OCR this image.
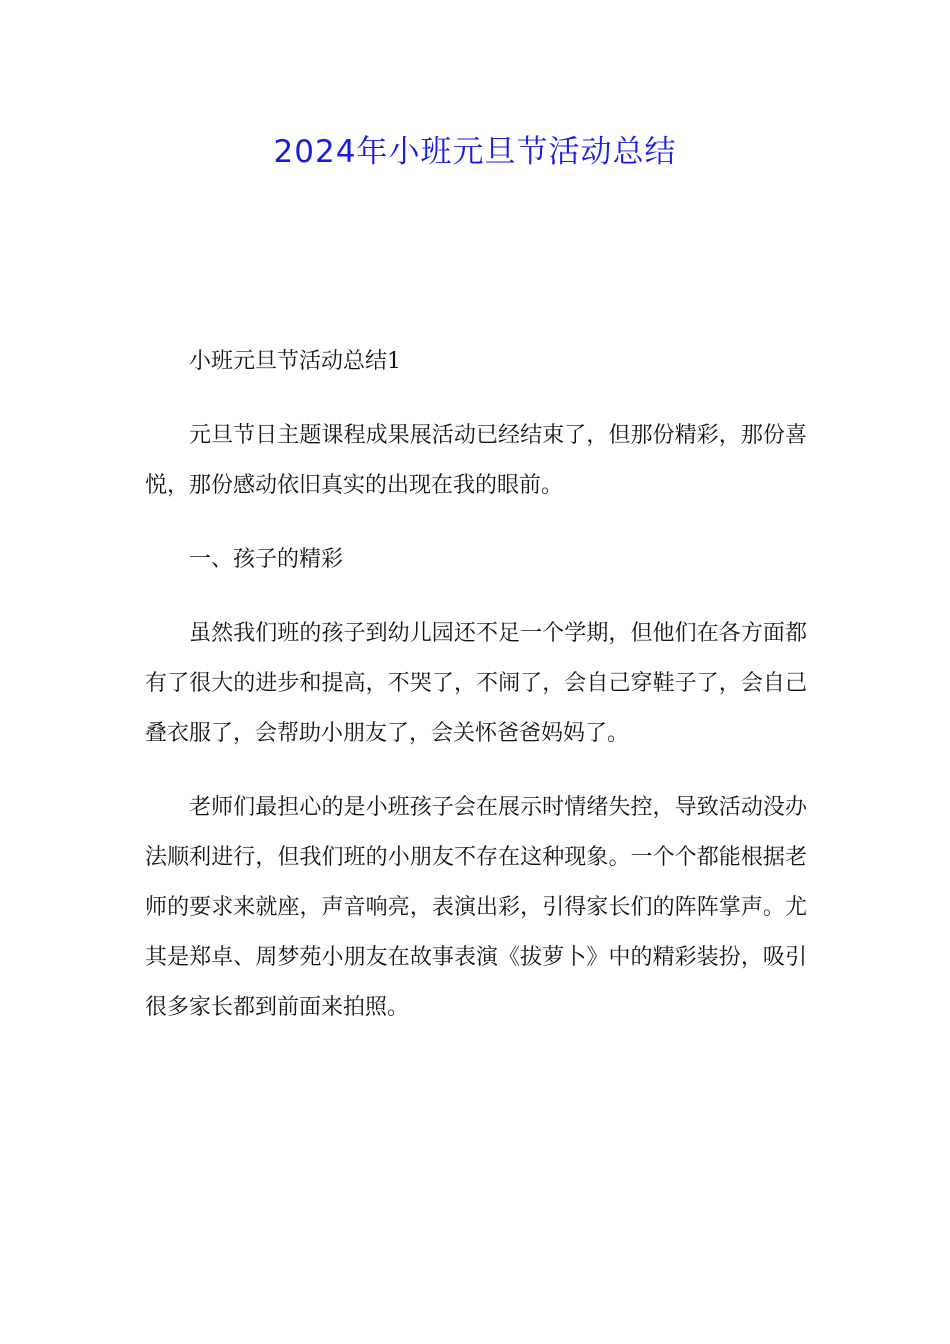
2024年小班元旦节活动总结

小班元旦节活动总结1

元旦节日主题课程成果展活动已经结束了，但那份精彩，那份喜悦，那份感动依旧真实的出现在我的眼前。

一、孩子的精彩

虽然我们班的孩子到幼儿园还不足一个学期，但他们在各方面都有了很大的进步和提高，不哭了，不闹了，会自己穿鞋子了，会自己叠衣服了，会帮助小朋友了，会关怀爸爸妈妈了。

老师们最担心的是小班孩子会在展示时情绪失控，导致活动没办法顺利进行，但我们班的小朋友不存在这种现象。一个个都能根据老师的要求来就座，声音响亮，表演出彩，引得家长们的阵阵掌声。尤其是郑卓、周梦苑小朋友在故事表演《拔萝卜》中的精彩装扮，吸引很多家长都到前面来拍照。
